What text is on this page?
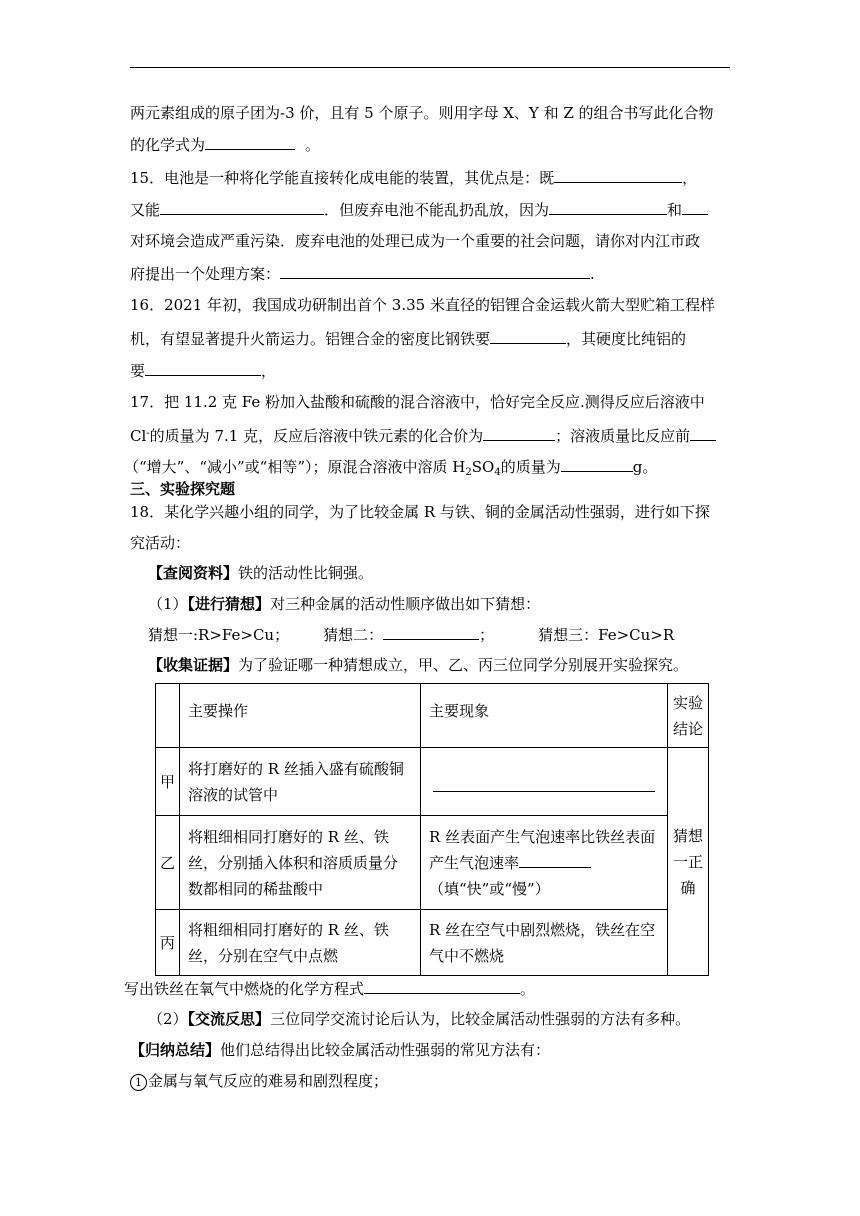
两元素组成的原子团为-3 价，且有 5 个原子。则用字母 X、Y 和 Z 的组合书写此化合物
的化学式为	。
15．电池是一种将化学能直接转化成电能的装置，其优点是：既	，
又能	．但废弃电池不能乱扔乱放，因为	和
对环境会造成严重污染．废弃电池的处理已成为一个重要的社会问题，请你对内江市政
府提出一个处理方案：	.
16．2021 年初，我国成功研制出首个 3.35 米直径的铝锂合金运载火箭大型贮箱工程样
机，有望显著提升火箭运力。铝锂合金的密度比钢铁要	，其硬度比纯铝的
要	，
17．把 11.2 克 Fe 粉加入盐酸和硫酸的混合溶液中，恰好完全反应.测得反应后溶液中
Cl-的质量为 7.1 克，反应后溶液中铁元素的化合价为	；溶液质量比反应前
（“增大”、“减小”或“相等”）；原混合溶液中溶质 $H_2SO_4$的质量为	g。
三、实验探究题
18．某化学兴趣小组的同学，为了比较金属 R 与铁、铜的金属活动性强弱，进行如下探
究活动：
【查阅资料】铁的活动性比铜强。
（1）【进行猜想】对三种金属的活动性顺序做出如下猜想：
猜想一:R>Fe>Cu； 猜想二：	；	猜想三：Fe>Cu>R
【收集证据】为了验证哪一种猜想成立，甲、乙、丙三位同学分别展开实验探究。
	主要操作	主要现象	实验结论
甲	将打磨好的 R 丝插入盛有硫酸铜溶液的试管中		猜想一正确
乙	将粗细相同打磨好的 R 丝、铁丝，分别插入体积和溶质质量分数都相同的稀盐酸中	R 丝表面产生气泡速率比铁丝表面产生气泡速率（填“快”或“慢”）	
丙	将粗细相同打磨好的 R 丝、铁丝，分别在空气中点燃	R 丝在空气中剧烈燃烧，铁丝在空气中不燃烧	
写出铁丝在氧气中燃烧的化学方程式	。
（2）【交流反思】三位同学交流讨论后认为，比较金属活动性强弱的方法有多种。
【归纳总结】他们总结得出比较金属活动性强弱的常见方法有：
1 金属与氧气反应的难易和剧烈程度；
